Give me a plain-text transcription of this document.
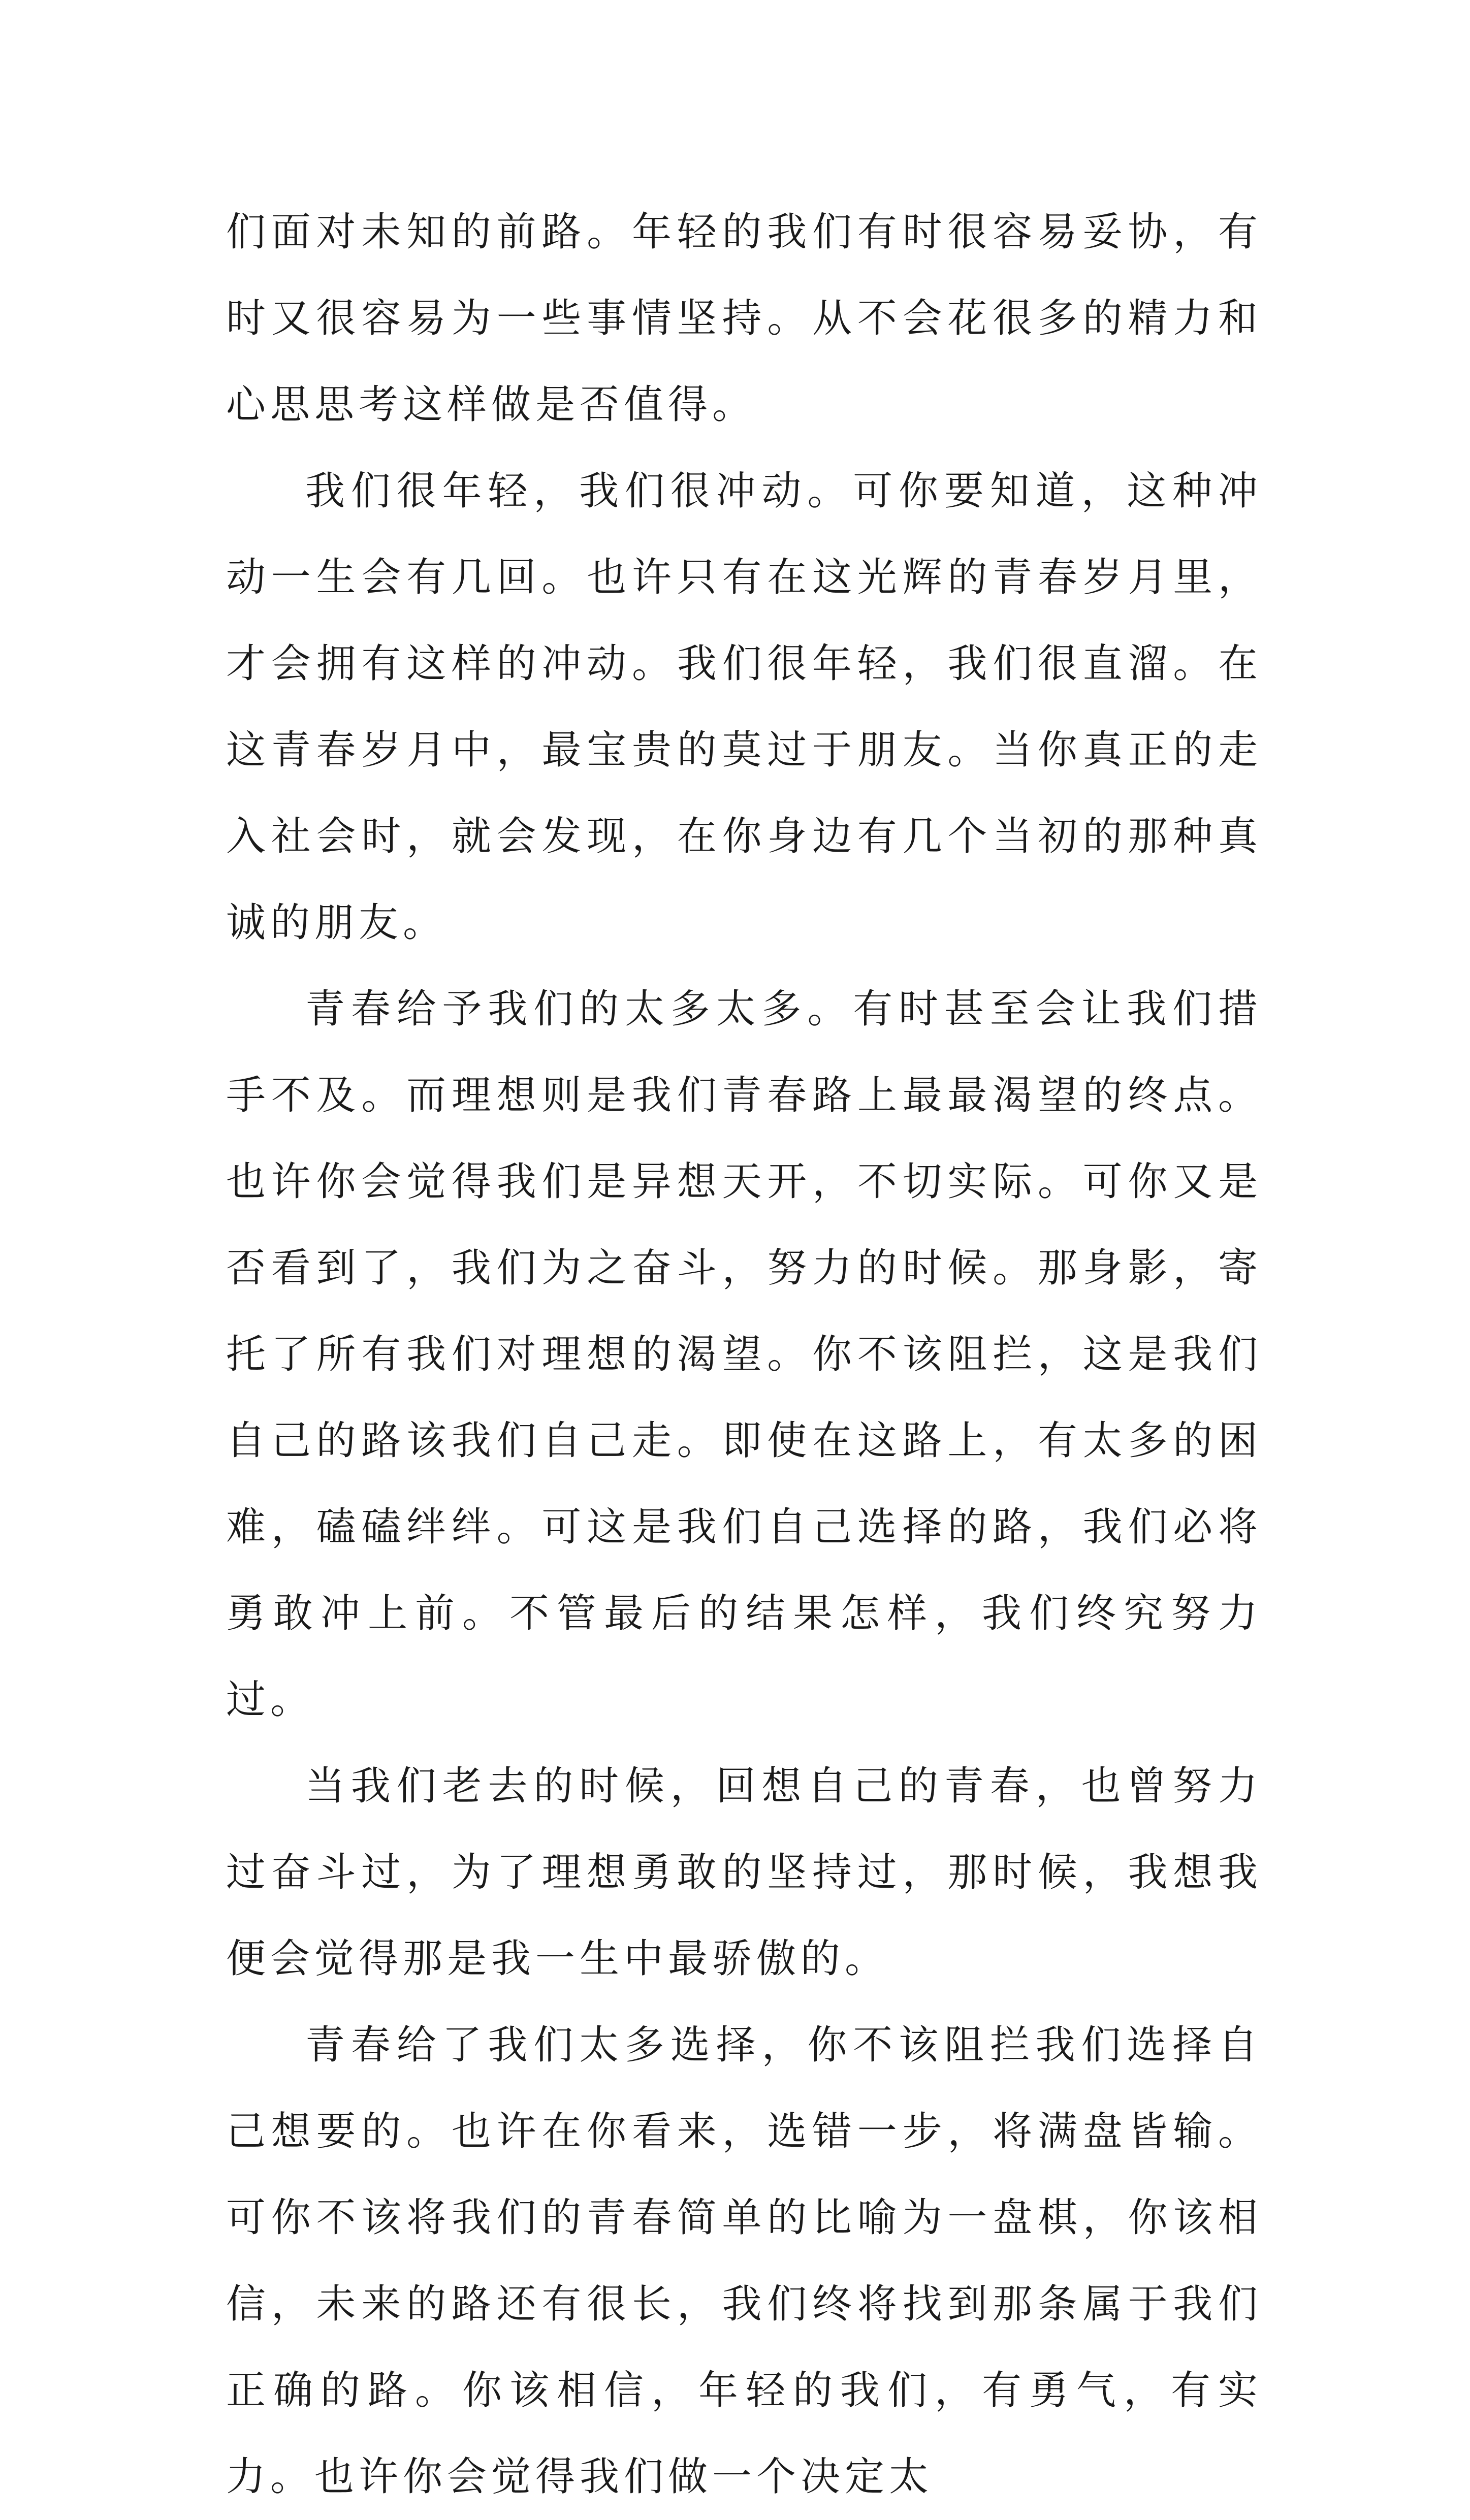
们面对未知的前路。年轻的我们有时很容易妥协，有时又很容易为一些事情坚持。从不会花很多的精力和心思思考这样做是否值得。

我们很年轻，我们很冲动。可你要知道，这种冲动一生会有几回。也许只有在这光辉的青春岁月里，才会拥有这样的冲动。我们很年轻，我们很直溜。在这青春岁月中，最宝贵的莫过于朋友。当你真正的走入社会时，就会发现，在你身边有几个当初的那种真诚的朋友。

青春给予我们的太多太多。有时甚至会让我们措手不及。而理想则是我们青春路上最最渴望的终点。也许你会觉得我们是异想天开，不切实际。可你又是否看到了，我们为之奋斗，努力的时候。那身影，寄托了所有我们对理想的渴望。你不该阻拦，这是我们自己的路该我们自己走。即使在这路上，有太多的困难，磕磕绊绊。可这是我们自己选择的路，我们必将勇敢冲上前。不管最后的结果怎样，我们终究努力过。

当我们老去的时候，回想自己的青春，也曾努力过奋斗过，为了理想勇敢的坚持过，那时候，我想我便会觉得那是我一生中最骄傲的。

青春给了我们太多选择，你不该阻拦我们选择自己想要的。也许在你看来，选错一步，将满盘皆输。可你不该将我们的青春简单的比喻为一盘棋，你该相信，未来的路还有很长，我们终将找到那条属于我们正确的路。你该相信，年轻的我们，有勇气，有实力。也许你会觉得我们做一个决定太
